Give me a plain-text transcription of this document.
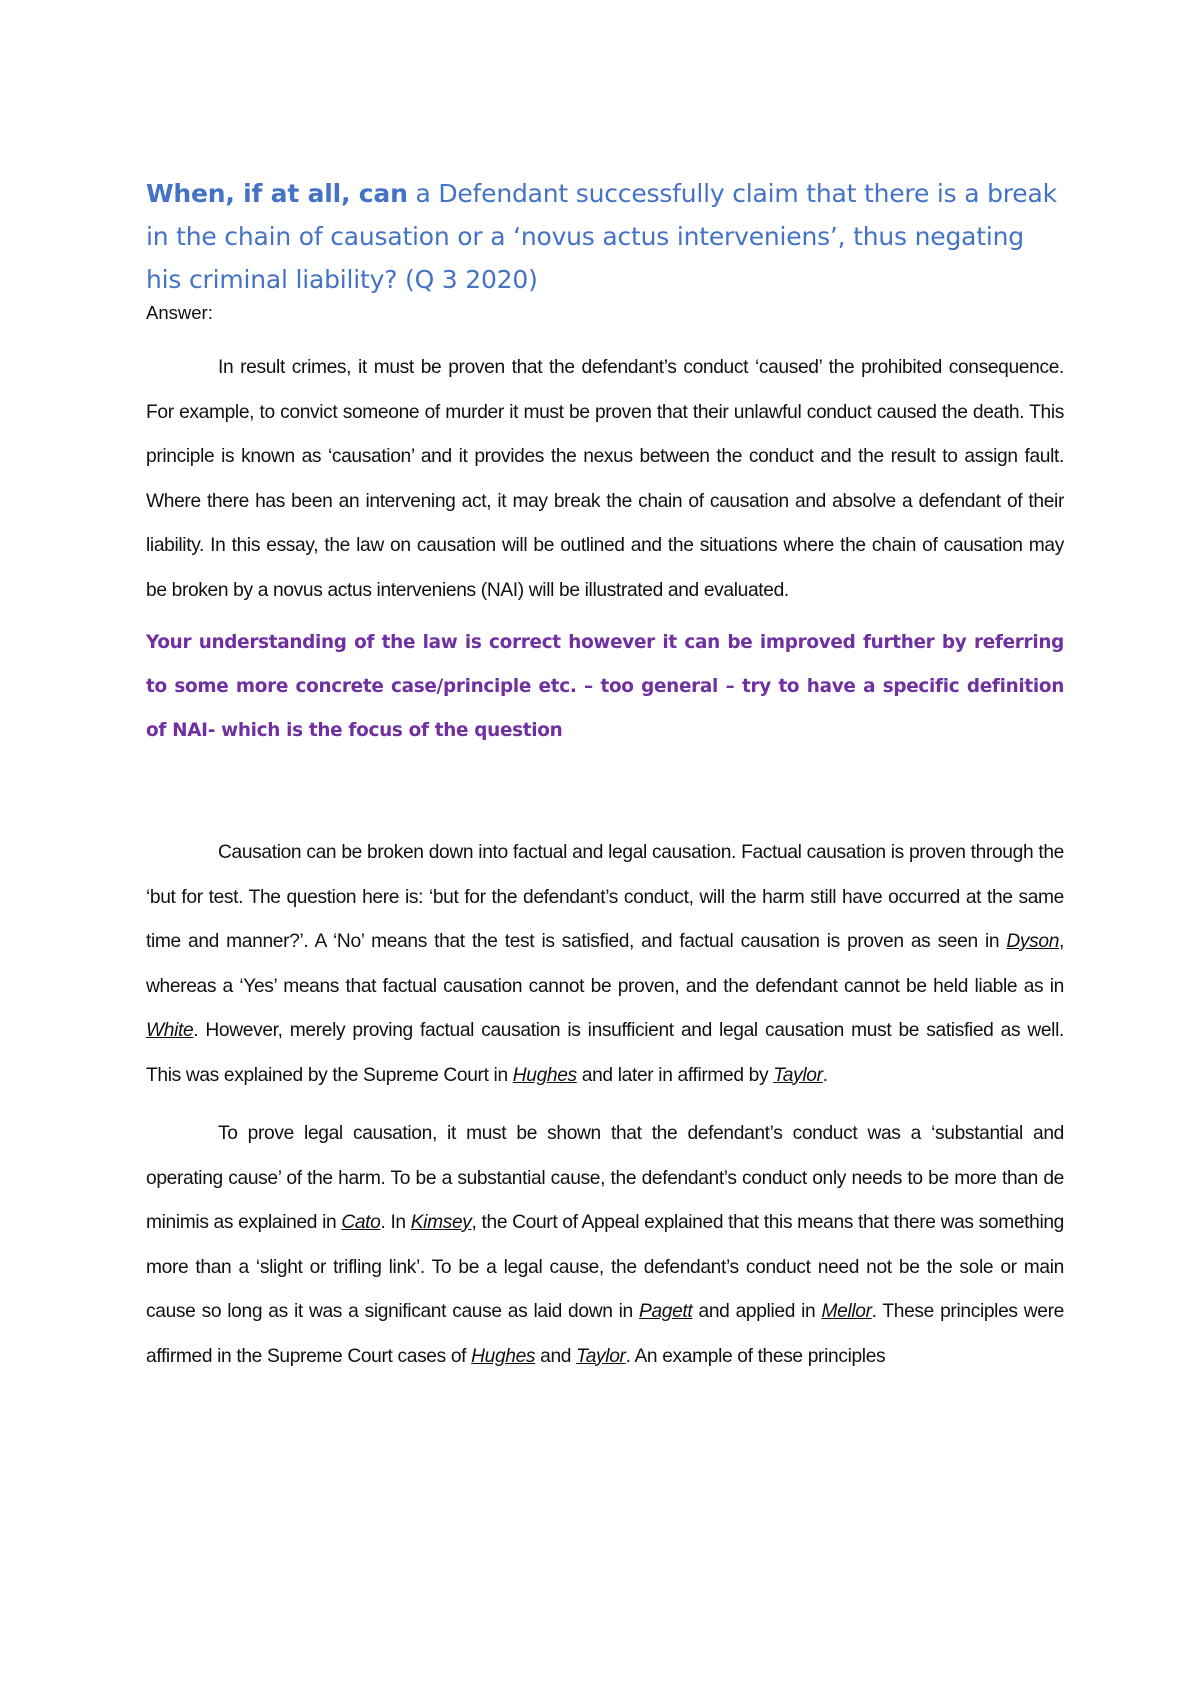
When, if at all, can a Defendant successfully claim that there is a break in the chain of causation or a ‘novus actus interveniens’, thus negating his criminal liability? (Q 3 2020)

Answer:

In result crimes, it must be proven that the defendant’s conduct ‘caused’ the prohibited consequence. For example, to convict someone of murder it must be proven that their unlawful conduct caused the death. This principle is known as ‘causation’ and it provides the nexus between the conduct and the result to assign fault. Where there has been an intervening act, it may break the chain of causation and absolve a defendant of their liability. In this essay, the law on causation will be outlined and the situations where the chain of causation may be broken by a novus actus interveniens (NAI) will be illustrated and evaluated.

Your understanding of the law is correct however it can be improved further by referring to some more concrete case/principle etc. – too general – try to have a specific definition of NAI- which is the focus of the question

Causation can be broken down into factual and legal causation. Factual causation is proven through the ‘but for test. The question here is: ‘but for the defendant’s conduct, will the harm still have occurred at the same time and manner?’. A ‘No’ means that the test is satisfied, and factual causation is proven as seen in Dyson, whereas a ‘Yes’ means that factual causation cannot be proven, and the defendant cannot be held liable as in White. However, merely proving factual causation is insufficient and legal causation must be satisfied as well. This was explained by the Supreme Court in Hughes and later in affirmed by Taylor.

To prove legal causation, it must be shown that the defendant’s conduct was a ‘substantial and operating cause’ of the harm. To be a substantial cause, the defendant’s conduct only needs to be more than de minimis as explained in Cato. In Kimsey, the Court of Appeal explained that this means that there was something more than a ‘slight or trifling link’. To be a legal cause, the defendant’s conduct need not be the sole or main cause so long as it was a significant cause as laid down in Pagett and applied in Mellor. These principles were affirmed in the Supreme Court cases of Hughes and Taylor. An example of these principles
